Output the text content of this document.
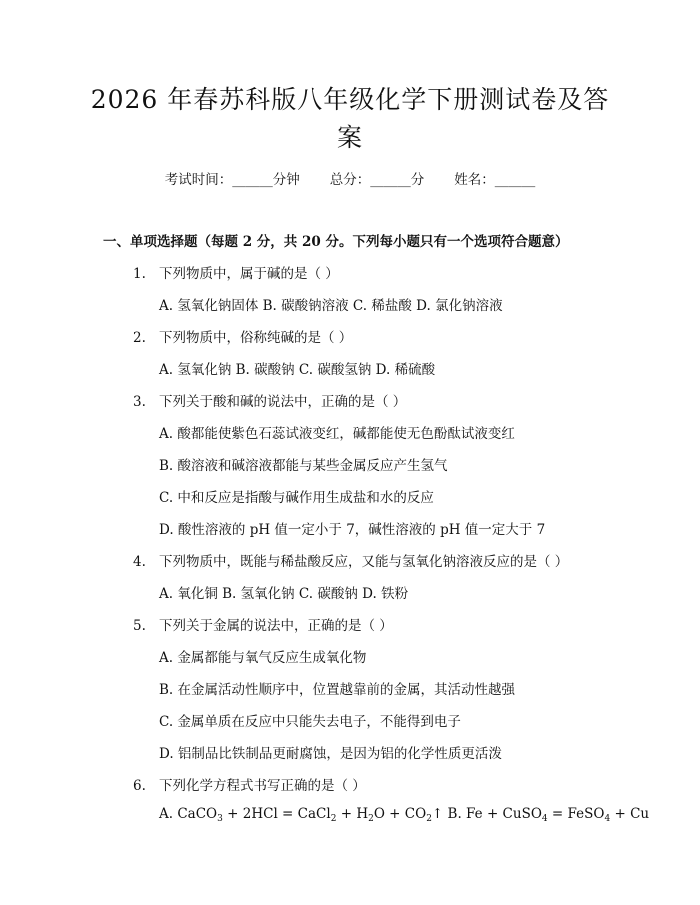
2026 年春苏科版八年级化学下册测试卷及答
案
考试时间：______分钟 总分：______分 姓名：______
一、单项选择题（每题 2 分，共 20 分。下列每小题只有一个选项符合题意）
1. 下列物质中，属于碱的是（ ）
A. 氢氧化钠固体 B. 碳酸钠溶液 C. 稀盐酸 D. 氯化钠溶液
2. 下列物质中，俗称纯碱的是（ ）
A. 氢氧化钠 B. 碳酸钠 C. 碳酸氢钠 D. 稀硫酸
3. 下列关于酸和碱的说法中，正确的是（ ）
A. 酸都能使紫色石蕊试液变红，碱都能使无色酚酞试液变红
B. 酸溶液和碱溶液都能与某些金属反应产生氢气
C. 中和反应是指酸与碱作用生成盐和水的反应
D. 酸性溶液的 pH 值一定小于 7，碱性溶液的 pH 值一定大于 7
4. 下列物质中，既能与稀盐酸反应，又能与氢氧化钠溶液反应的是（ ）
A. 氧化铜 B. 氢氧化钠 C. 碳酸钠 D. 铁粉
5. 下列关于金属的说法中，正确的是（ ）
A. 金属都能与氧气反应生成氧化物
B. 在金属活动性顺序中，位置越靠前的金属，其活动性越强
C. 金属单质在反应中只能失去电子，不能得到电子
D. 铝制品比铁制品更耐腐蚀，是因为铝的化学性质更活泼
6. 下列化学方程式书写正确的是（ ）
A. CaCO$_3$ + 2HCl = CaCl$_2$ + $H_2O$ + $CO_2↑$ B. Fe + CuSO$_4$ = FeSO$_4$ + Cu
